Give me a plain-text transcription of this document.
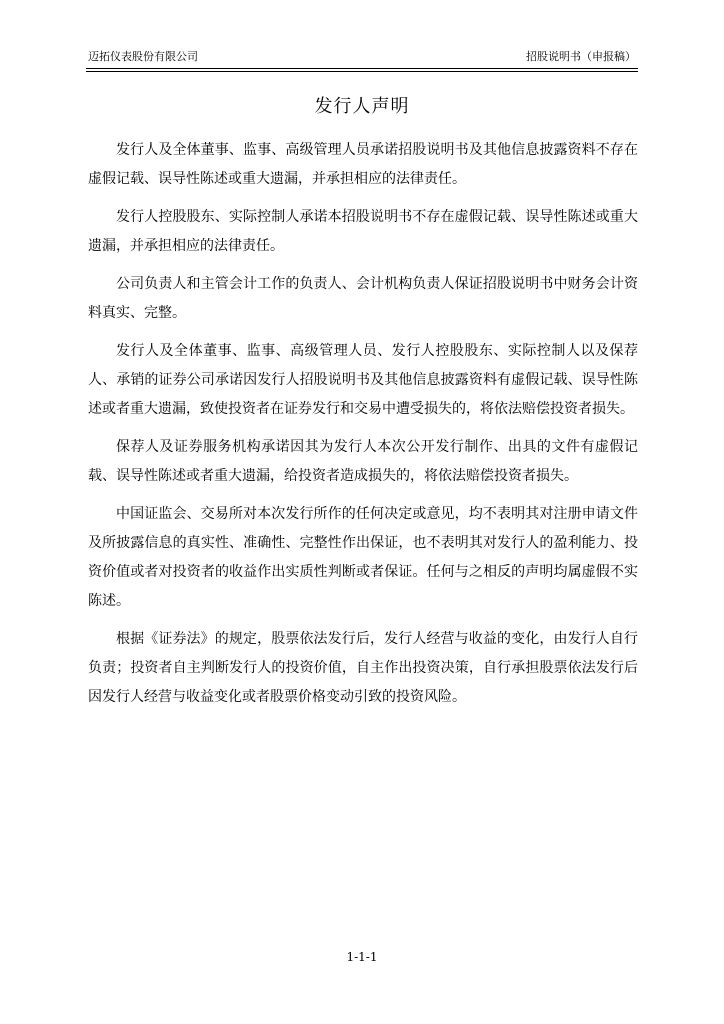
迈拓仪表股份有限公司	招股说明书（申报稿）
发行人声明

发行人及全体董事、监事、高级管理人员承诺招股说明书及其他信息披露资料不存在虚假记载、误导性陈述或重大遗漏，并承担相应的法律责任。

发行人控股股东、实际控制人承诺本招股说明书不存在虚假记载、误导性陈述或重大遗漏，并承担相应的法律责任。

公司负责人和主管会计工作的负责人、会计机构负责人保证招股说明书中财务会计资料真实、完整。

发行人及全体董事、监事、高级管理人员、发行人控股股东、实际控制人以及保荐人、承销的证券公司承诺因发行人招股说明书及其他信息披露资料有虚假记载、误导性陈述或者重大遗漏，致使投资者在证券发行和交易中遭受损失的，将依法赔偿投资者损失。

保荐人及证券服务机构承诺因其为发行人本次公开发行制作、出具的文件有虚假记载、误导性陈述或者重大遗漏，给投资者造成损失的，将依法赔偿投资者损失。

中国证监会、交易所对本次发行所作的任何决定或意见，均不表明其对注册申请文件及所披露信息的真实性、准确性、完整性作出保证，也不表明其对发行人的盈利能力、投资价值或者对投资者的收益作出实质性判断或者保证。任何与之相反的声明均属虚假不实陈述。

根据《证券法》的规定，股票依法发行后，发行人经营与收益的变化，由发行人自行负责；投资者自主判断发行人的投资价值，自主作出投资决策，自行承担股票依法发行后因发行人经营与收益变化或者股票价格变动引致的投资风险。

1-1-1
